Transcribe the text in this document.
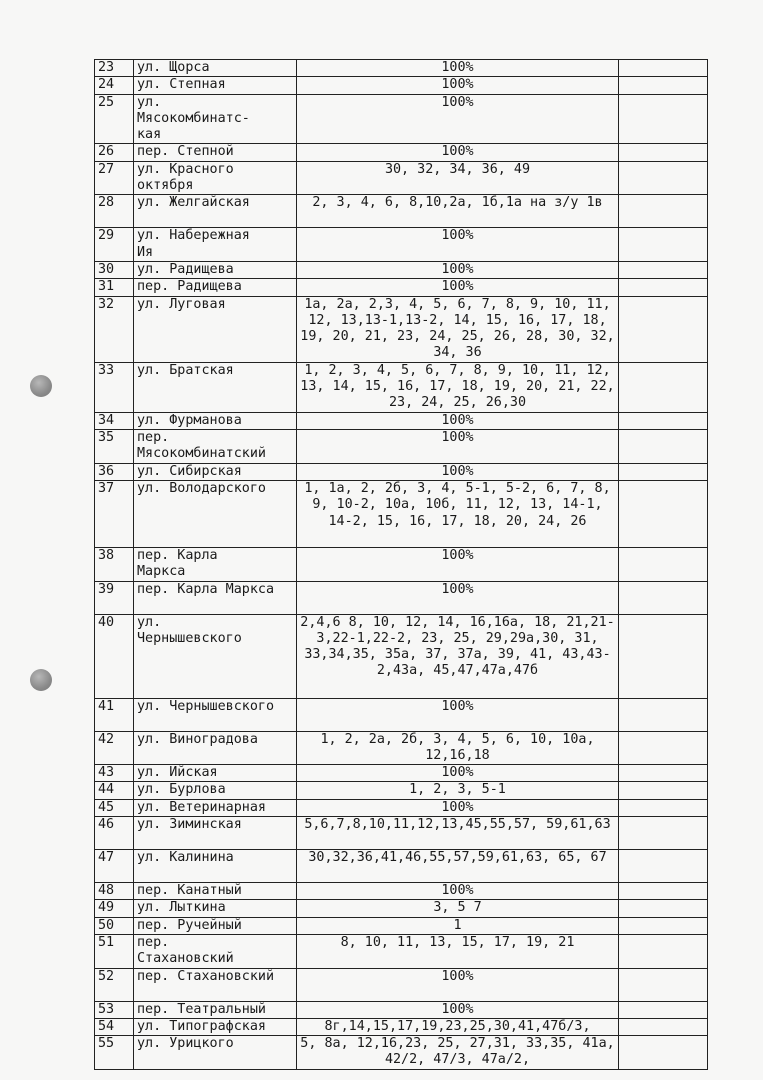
23	ул. Щорса	100%	
24	ул. Степная	100%	
25	ул.
Мясокомбинатс-
кая	100%	
26	пер. Степной	100%	
27	ул. Красного
октября	30, 32, 34, 36, 49	
28	ул. Желгайская	2, 3, 4, 6, 8,10,2а, 1б,1а на з/у 1в	
29	ул. Набережная
Ия	100%	
30	ул. Радищева	100%	
31	пер. Радищева	100%	
32	ул. Луговая	1а, 2а, 2,3, 4, 5, 6, 7, 8, 9, 10, 11, 12, 13,13-1,13-2, 14, 15, 16, 17, 18, 19, 20, 21, 23, 24, 25, 26, 28, 30, 32, 34, 36	
33	ул. Братская	1, 2, 3, 4, 5, 6, 7, 8, 9, 10, 11, 12, 13, 14, 15, 16, 17, 18, 19, 20, 21, 22, 23, 24, 25, 26,30	
34	ул. Фурманова	100%	
35	пер.
Мясокомбинатский	100%	
36	ул. Сибирская	100%	
37	ул. Володарского	1, 1а, 2, 2б, 3, 4, 5-1, 5-2, 6, 7, 8, 9, 10-2, 10а, 10б, 11, 12, 13, 14-1, 14-2, 15, 16, 17, 18, 20, 24, 26	
38	пер. Карла
Маркса	100%	
39	пер. Карла Маркса	100%	
40	ул.
Чернышевского	2,4,6 8, 10, 12, 14, 16,16а, 18, 21,21-3,22-1,22-2, 23, 25, 29,29а,30, 31, 33,34,35, 35а, 37, 37а, 39, 41, 43,43-2,43а, 45,47,47а,47б	
41	ул. Чернышевского	100%	
42	ул. Виноградова	1, 2, 2а, 2б, 3, 4, 5, 6, 10, 10а, 12,16,18	
43	ул. Ийская	100%	
44	ул. Бурлова	1, 2, 3, 5-1	
45	ул. Ветеринарная	100%	
46	ул. Зиминская	5,6,7,8,10,11,12,13,45,55,57, 59,61,63	
47	ул. Калинина	30,32,36,41,46,55,57,59,61,63, 65, 67	
48	пер. Канатный	100%	
49	ул. Лыткина	3, 5 7	
50	пер. Ручейный	1	
51	пер.
Стахановский	8, 10, 11, 13, 15, 17, 19, 21	
52	пер. Стахановский	100%	
53	пер. Театральный	100%	
54	ул. Типографская	8г,14,15,17,19,23,25,30,41,47б/3,	
55	ул. Урицкого	5, 8а, 12,16,23, 25, 27,31, 33,35, 41а, 42/2, 47/3, 47а/2,	
